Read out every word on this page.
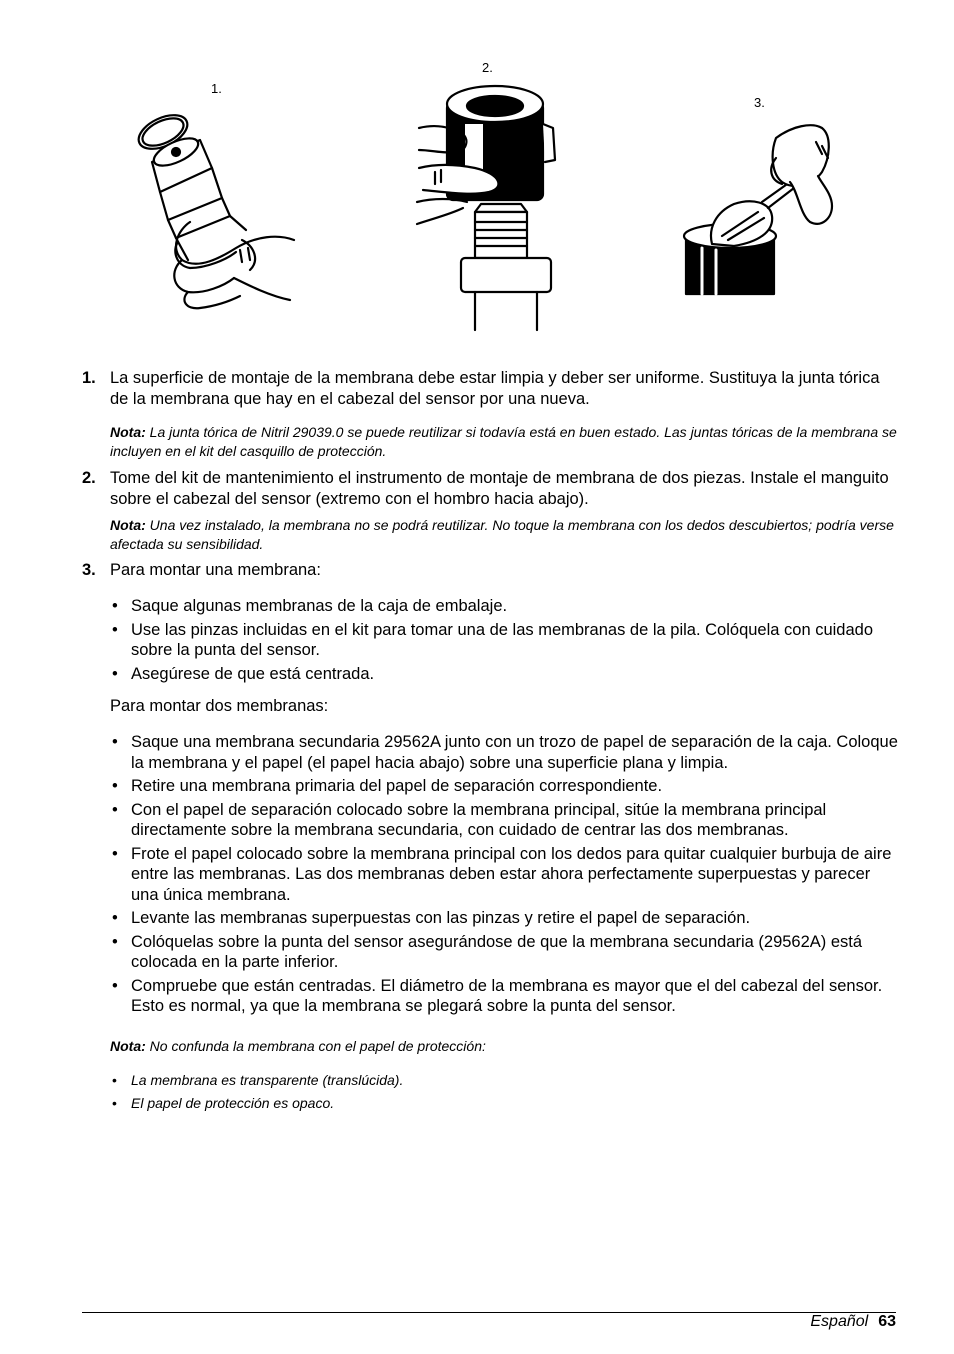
1.
2.
3.
1. La superficie de montaje de la membrana debe estar limpia y deber ser uniforme. Sustituya la junta tórica de la membrana que hay en el cabezal del sensor por una nueva.
Nota: La junta tórica de Nitril 29039.0 se puede reutilizar si todavía está en buen estado. Las juntas tóricas de la membrana se incluyen en el kit del casquillo de protección.
2. Tome del kit de mantenimiento el instrumento de montaje de membrana de dos piezas. Instale el manguito sobre el cabezal del sensor (extremo con el hombro hacia abajo).
Nota: Una vez instalado, la membrana no se podrá reutilizar. No toque la membrana con los dedos descubiertos; podría verse afectada su sensibilidad.
3. Para montar una membrana:
• Saque algunas membranas de la caja de embalaje.
• Use las pinzas incluidas en el kit para tomar una de las membranas de la pila. Colóquela con cuidado sobre la punta del sensor.
• Asegúrese de que está centrada.
Para montar dos membranas:
• Saque una membrana secundaria 29562A junto con un trozo de papel de separación de la caja. Coloque la membrana y el papel (el papel hacia abajo) sobre una superficie plana y limpia.
• Retire una membrana primaria del papel de separación correspondiente.
• Con el papel de separación colocado sobre la membrana principal, sitúe la membrana principal directamente sobre la membrana secundaria, con cuidado de centrar las dos membranas.
• Frote el papel colocado sobre la membrana principal con los dedos para quitar cualquier burbuja de aire entre las membranas. Las dos membranas deben estar ahora perfectamente superpuestas y parecer una única membrana.
• Levante las membranas superpuestas con las pinzas y retire el papel de separación.
• Colóquelas sobre la punta del sensor asegurándose de que la membrana secundaria (29562A) está colocada en la parte inferior.
• Compruebe que están centradas. El diámetro de la membrana es mayor que el del cabezal del sensor. Esto es normal, ya que la membrana se plegará sobre la punta del sensor.
Nota: No confunda la membrana con el papel de protección:
• La membrana es transparente (translúcida).
• El papel de protección es opaco.
Español 63
